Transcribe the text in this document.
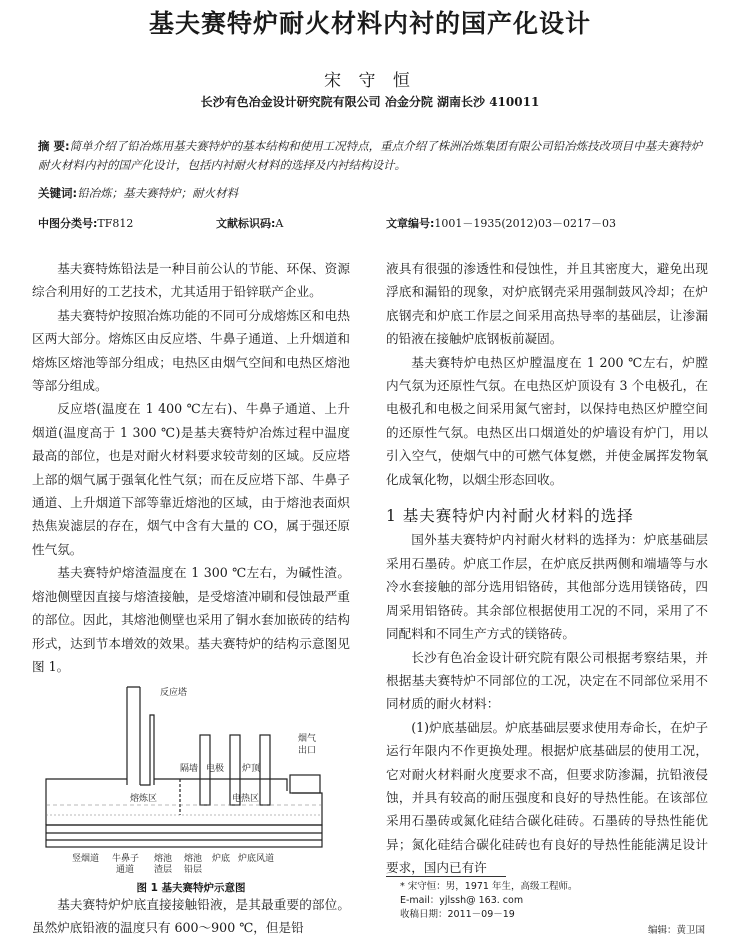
基夫赛特炉耐火材料内衬的国产化设计
宋 守 恒
长沙有色冶金设计研究院有限公司 冶金分院 湖南长沙 410011
摘 要:简单介绍了铅冶炼用基夫赛特炉的基本结构和使用工况特点，重点介绍了株洲冶炼集团有限公司铅冶炼技改项目中基夫赛特炉耐火材料内衬的国产化设计，包括内衬耐火材料的选择及内衬结构设计。
关键词:铅冶炼；基夫赛特炉；耐火材料
中图分类号:TF812	文献标识码:A	文章编号:1001－1935(2012)03－0217－03

基夫赛特炼铅法是一种目前公认的节能、环保、资源综合利用好的工艺技术，尤其适用于铅锌联产企业。

基夫赛特炉按照冶炼功能的不同可分成熔炼区和电热区两大部分。熔炼区由反应塔、牛鼻子通道、上升烟道和熔炼区熔池等部分组成；电热区由烟气空间和电热区熔池等部分组成。

反应塔(温度在 1 400 ℃左右)、牛鼻子通道、上升烟道(温度高于 1 300 ℃)是基夫赛特炉冶炼过程中温度最高的部位，也是对耐火材料要求较苛刻的区域。反应塔上部的烟气属于强氧化性气氛；而在反应塔下部、牛鼻子通道、上升烟道下部等靠近熔池的区域，由于熔池表面炽热焦炭滤层的存在，烟气中含有大量的 CO，属于强还原性气氛。

基夫赛特炉熔渣温度在 1 300 ℃左右，为碱性渣。熔池侧壁因直接与熔渣接触，是受熔渣冲刷和侵蚀最严重的部位。因此，其熔池侧壁也采用了铜水套加嵌砖的结构形式，达到节本增效的效果。基夫赛特炉的结构示意图见图 1。

反应塔
烟气
出口
隔墙 电极 炉顶
熔炼区	电热区
竖烟道 牛鼻子 熔池 熔池 炉底 炉底风道
通道 渣层 铅层
图 1 基夫赛特炉示意图

基夫赛特炉炉底直接接触铅液，是其最重要的部位。虽然炉底铅液的温度只有 600～900 ℃，但是铅

液具有很强的渗透性和侵蚀性，并且其密度大，避免出现浮底和漏铅的现象，对炉底钢壳采用强制鼓风冷却；在炉底钢壳和炉底工作层之间采用高热导率的基础层，让渗漏的铅液在接触炉底钢板前凝固。

基夫赛特炉电热区炉膛温度在 1 200 ℃左右，炉膛内气氛为还原性气氛。在电热区炉顶设有 3 个电极孔，在电极孔和电极之间采用氮气密封，以保持电热区炉膛空间的还原性气氛。电热区出口烟道处的炉墙设有炉门，用以引入空气，使烟气中的可燃气体复燃，并使金属挥发物氧化成氧化物，以烟尘形态回收。

1 基夫赛特炉内衬耐火材料的选择

国外基夫赛特炉内衬耐火材料的选择为：炉底基础层采用石墨砖。炉底工作层，在炉底反拱两侧和端墙等与水冷水套接触的部分选用铝铬砖，其他部分选用镁铬砖，四周采用铝铬砖。其余部位根据使用工况的不同，采用了不同配料和不同生产方式的镁铬砖。

长沙有色冶金设计研究院有限公司根据考察结果，并根据基夫赛特炉不同部位的工况，决定在不同部位采用不同材质的耐火材料：

(1)炉底基础层。炉底基础层要求使用寿命长，在炉子运行年限内不作更换处理。根据炉底基础层的使用工况，它对耐火材料耐火度要求不高，但要求防渗漏，抗铅液侵蚀，并具有较高的耐压强度和良好的导热性能。在该部位采用石墨砖或氮化硅结合碳化硅砖。石墨砖的导热性能优异；氮化硅结合碳化硅砖也有良好的导热性能能满足设计要求，国内已有许

* 宋守恒：男，1971 年生，高级工程师。
E-mail：yjlssh@ 163. com
收稿日期：2011－09－19
编辑：黄卫国
